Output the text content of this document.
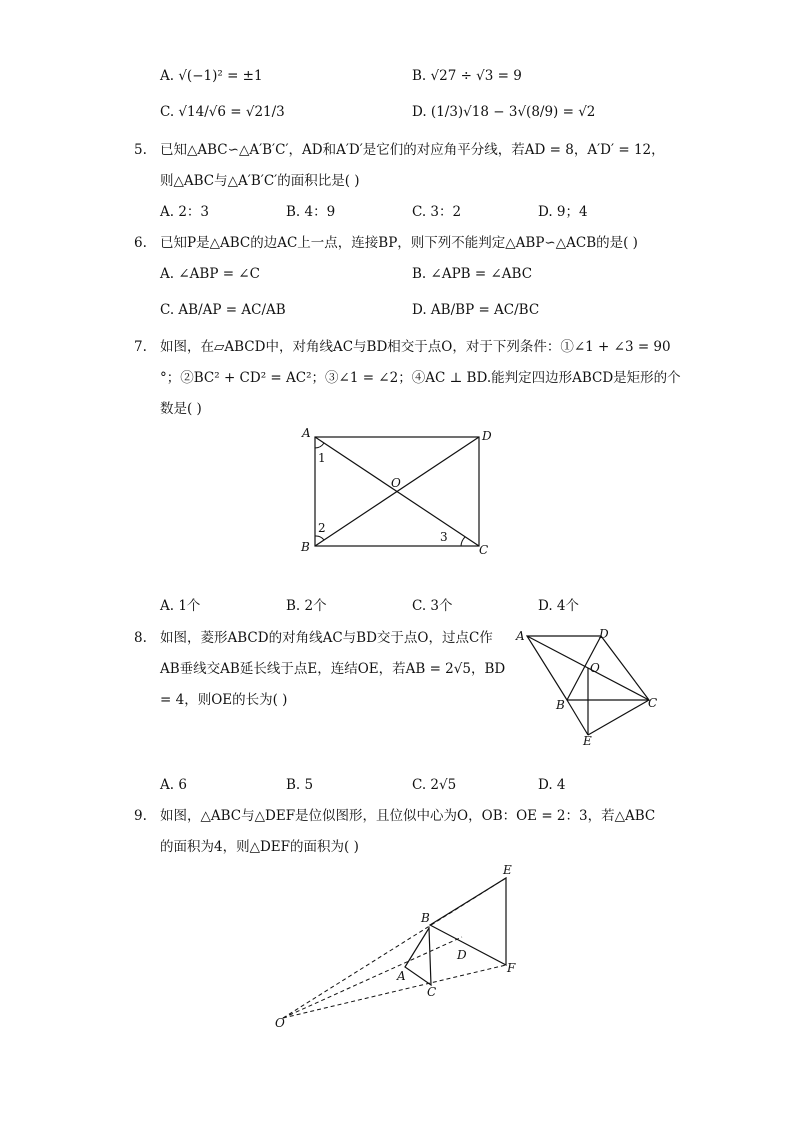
A. √(−1)² = ±1	B. √27 ÷ √3 = 9
C. √14/√6 = √21/3	D. (1/3)√18 − 3√(8/9) = √2
5. 已知△ABC∽△A′B′C′，AD和A′D′是它们的对应角平分线，若AD = 8，A′D′ = 12，
则△ABC与△A′B′C′的面积比是( )
A. 2：3	B. 4：9	C. 3：2	D. 9；4
6. 已知P是△ABC的边AC上一点，连接BP，则下列不能判定△ABP∽△ACB的是( )
A. ∠ABP = ∠C	B. ∠APB = ∠ABC
C. AB/AP = AC/AB	D. AB/BP = AC/BC
7. 如图，在▱ABCD中，对角线AC与BD相交于点O，对于下列条件：①∠1 + ∠3 = 90
°；②BC² + CD² = AC²；③∠1 = ∠2；④AC ⊥ BD.能判定四边形ABCD是矩形的个
数是( )
A	D
B	C
O
1
2
3
A. 1个	B. 2个	C. 3个	D. 4个
8. 如图，菱形ABCD的对角线AC与BD交于点O，过点C作
AB垂线交AB延长线于点E，连结OE，若AB = 2√5，BD
= 4，则OE的长为( )
A	D
O
B	C
E
A. 6	B. 5	C. 2√5	D. 4
9. 如图，△ABC与△DEF是位似图形，且位似中心为O，OB：OE = 2：3，若△ABC
的面积为4，则△DEF的面积为( )
E
D
F
B
A
C
O
